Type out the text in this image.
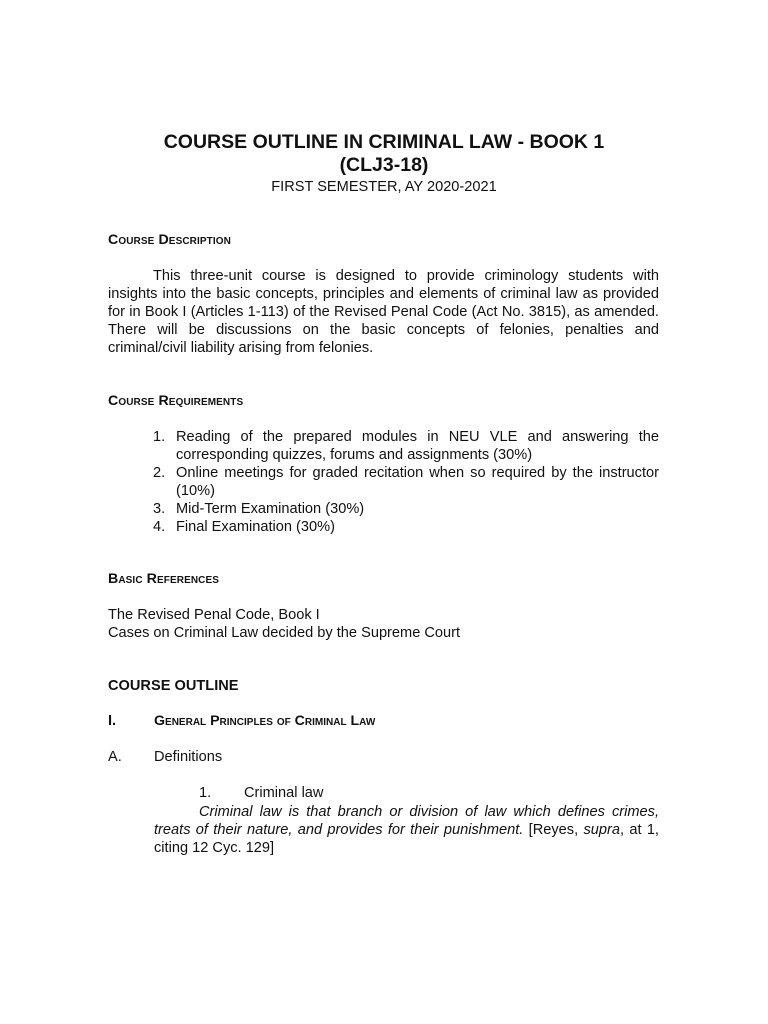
COURSE OUTLINE IN CRIMINAL LAW - BOOK 1
(CLJ3-18)
FIRST SEMESTER, AY 2020-2021
Course Description
This three-unit course is designed to provide criminology students with insights into the basic concepts, principles and elements of criminal law as provided for in Book I (Articles 1-113) of the Revised Penal Code (Act No. 3815), as amended. There will be discussions on the basic concepts of felonies, penalties and criminal/civil liability arising from felonies.
Course Requirements
1. Reading of the prepared modules in NEU VLE and answering the corresponding quizzes, forums and assignments (30%)
2. Online meetings for graded recitation when so required by the instructor (10%)
3. Mid-Term Examination (30%)
4. Final Examination (30%)
Basic References
The Revised Penal Code, Book I
Cases on Criminal Law decided by the Supreme Court
COURSE OUTLINE
I.	General Principles of Criminal Law
A. Definitions
1. Criminal law
Criminal law is that branch or division of law which defines crimes, treats of their nature, and provides for their punishment. [Reyes, supra, at 1, citing 12 Cyc. 129]
